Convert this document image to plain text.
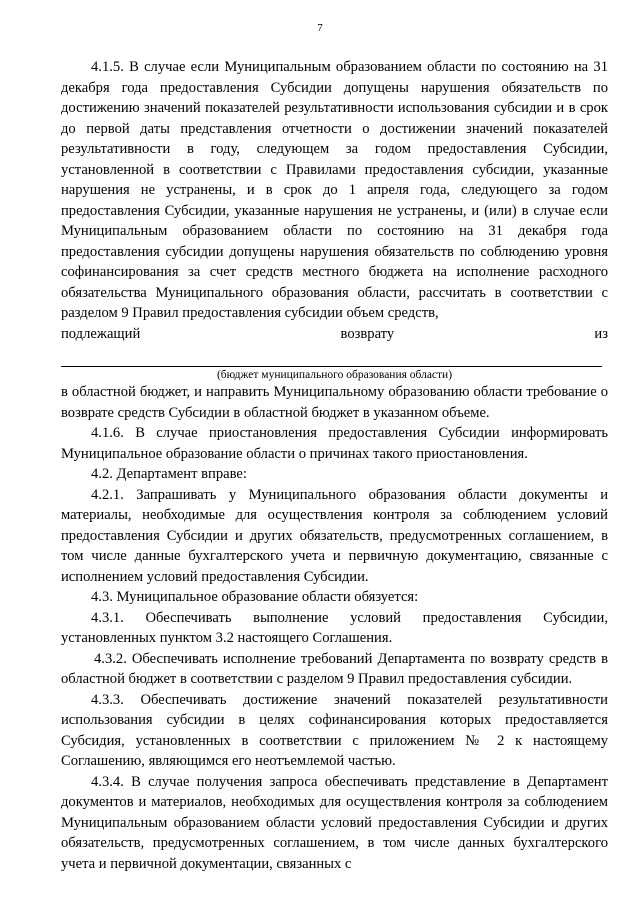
7

4.1.5. В случае если Муниципальным образованием области по состоянию на 31 декабря года предоставления Субсидии допущены нарушения обязательств по достижению значений показателей результативности использования субсидии и в срок до первой даты представления отчетности о достижении значений показателей результативности в году, следующем за годом предоставления Субсидии, установленной в соответствии с Правилами предоставления субсидии, указанные нарушения не устранены, и в срок до 1 апреля года, следующего за годом предоставления Субсидии, указанные нарушения не устранены, и (или) в случае если Муниципальным образованием области по состоянию на 31 декабря года предоставления субсидии допущены нарушения обязательств по соблюдению уровня софинансирования за счет средств местного бюджета на исполнение расходного обязательства Муниципального образования области, рассчитать в соответствии с разделом 9 Правил предоставления субсидии объем средств,

подлежащий	возврату	из
(бюджет муниципального образования области)

в областной бюджет, и направить Муниципальному образованию области требование о возврате средств Субсидии в областной бюджет в указанном объеме.

4.1.6. В случае приостановления предоставления Субсидии информировать Муниципальное образование области о причинах такого приостановления.

4.2. Департамент вправе:

4.2.1. Запрашивать у Муниципального образования области документы и материалы, необходимые для осуществления контроля за соблюдением условий предоставления Субсидии и других обязательств, предусмотренных соглашением, в том числе данные бухгалтерского учета и первичную документацию, связанные с исполнением условий предоставления Субсидии.

4.3. Муниципальное образование области обязуется:

4.3.1. Обеспечивать выполнение условий предоставления Субсидии, установленных пунктом 3.2 настоящего Соглашения.

4.3.2. Обеспечивать исполнение требований Департамента по возврату средств в областной бюджет в соответствии с разделом 9 Правил предоставления субсидии.

4.3.3. Обеспечивать достижение значений показателей результативности использования субсидии в целях софинансирования которых предоставляется Субсидия, установленных в соответствии с приложением № 2 к настоящему Соглашению, являющимся его неотъемлемой частью.

4.3.4. В случае получения запроса обеспечивать представление в Департамент документов и материалов, необходимых для осуществления контроля за соблюдением Муниципальным образованием области условий предоставления Субсидии и других обязательств, предусмотренных соглашением, в том числе данных бухгалтерского учета и первичной документации, связанных с
